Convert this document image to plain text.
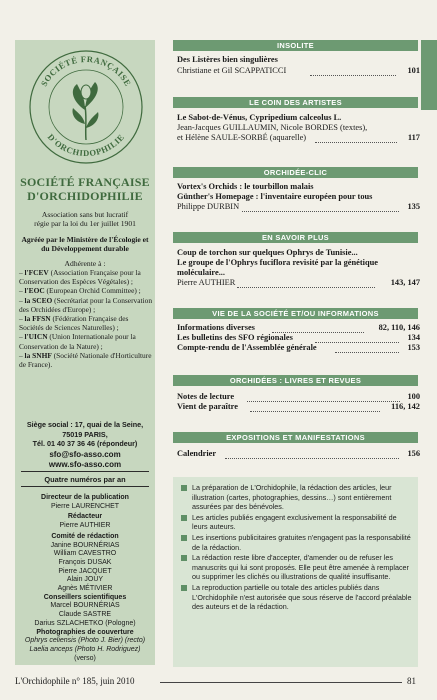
SOCIÉTÉ FRANÇAISE
D'ORCHIDOPHILIE
SOCIÉTÉ FRANÇAISE
D'ORCHIDOPHILIE
Association sans but lucratif
régie par la loi du 1er juillet 1901
Agréée par le Ministère de l'Écologie et
du Développement durable
Adhérente à :
– l'FCEV (Association Française pour la Conservation des Espèces Végétales) ;
– l'EOC (European Orchid Committee) ;
– la SCEO (Secrétariat pour la Conservation des Orchidées d'Europe) ;
– la FFSN (Fédération Française des Sociétés de Sciences Naturelles) ;
– l'UICN (Union Internationale pour la Conservation de la Nature) ;
– la SNHF (Société Nationale d'Horticulture de France).
Siège social : 17, quai de la Seine,
75019 PARIS,
Tél. 01 40 37 36 46 (répondeur)
sfo@sfo-asso.com
www.sfo-asso.com
Quatre numéros par an
Directeur de la publication
Pierre LAURENCHET
Rédacteur
Pierre AUTHIER
Comité de rédaction
Janine BOURNÉRIAS
William CAVESTRO
François DUSAK
Pierre JACQUET
Alain JOUY
Agnès MÉTIVIER
Conseillers scientifiques
Marcel BOURNÉRIAS
Claude SASTRE
Darius SZLACHETKO (Pologne)
Photographies de couverture
Ophrys celiensis (Photo J. Bier) (recto)
Laelia anceps (Photo H. Rodriguez)
(verso)
INSOLITE
Des Listères bien singulières
Christiane et Gil SCAPPATICCI	101
LE COIN DES ARTISTES
Le Sabot-de-Vénus, Cypripedium calceolus L.
Jean-Jacques GUILLAUMIN, Nicole BORDES (textes),
et Hélène SAULE-SORBÉ (aquarelle)	117
ORCHIDÉE-CLIC
Vortex's Orchids : le tourbillon malais
Günther's Homepage : l'inventaire européen pour tous
Philippe DURBIN	135
EN SAVOIR PLUS
Coup de torchon sur quelques Ophrys de Tunisie...
Le groupe de l'Ophrys fuciflora revisité par la génétique
moléculaire...
Pierre AUTHIER	143, 147
VIE DE LA SOCIÉTÉ ET/OU INFORMATIONS
Informations diverses	82, 110, 146
Les bulletins des SFO régionales	134
Compte-rendu de l'Assemblée générale	153
ORCHIDÉES : LIVRES ET REVUES
Notes de lecture	100
Vient de paraître	116, 142
EXPOSITIONS ET MANIFESTATIONS
Calendrier	156
La préparation de L'Orchidophile, la rédaction des articles, leur illustration (cartes, photographies, dessins…) sont entièrement assurées par des bénévoles.
Les articles publiés engagent exclusivement la responsabilité de leurs auteurs.
Les insertions publicitaires gratuites n'engagent pas la responsabilité de la rédaction.
La rédaction reste libre d'accepter, d'amender ou de refuser les manuscrits qui lui sont proposés. Elle peut être amenée à remplacer ou supprimer les clichés ou illustrations de qualité insuffisante.
La reproduction partielle ou totale des articles publiés dans L'Orchidophile n'est autorisée que sous réserve de l'accord préalable des auteurs et de la rédaction.
L'Orchidophile n° 185, juin 2010	81
